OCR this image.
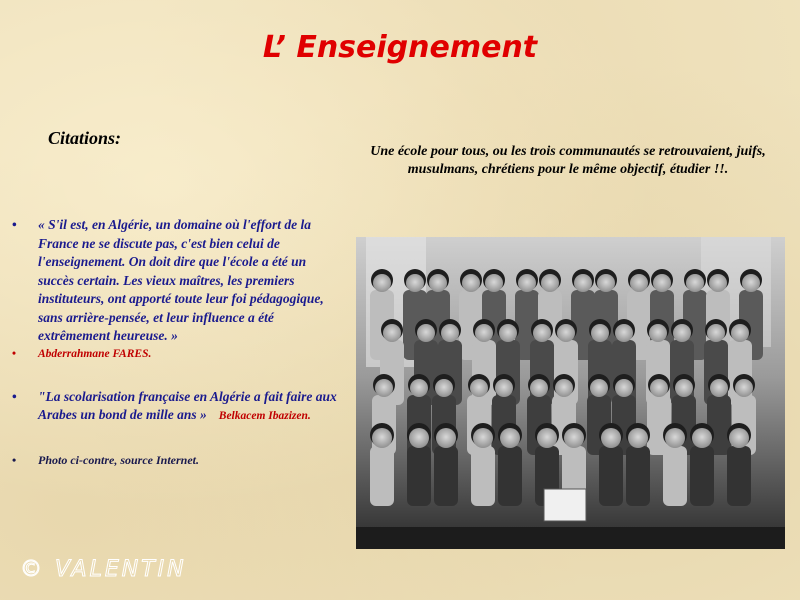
L’ Enseignement
Citations:
Une école pour tous, ou les trois communautés se retrouvaient, juifs, musulmans, chrétiens pour le même objectif, étudier !!.
• « S'il est, en Algérie, un domaine où l'effort de la France ne se discute pas, c'est bien celui de l'enseignement. On doit dire que l'école a été un succès certain. Les vieux maîtres, les premiers instituteurs, ont apporté toute leur foi pédagogique, sans arrière-pensée, et leur influence a été extrêmement heureuse. »
• Abderrahmane FARES.
• "La scolarisation française en Algérie a fait faire aux Arabes un bond de mille ans » Belkacem Ibazizen.
• Photo ci-contre, source Internet.
© VALENTIN
